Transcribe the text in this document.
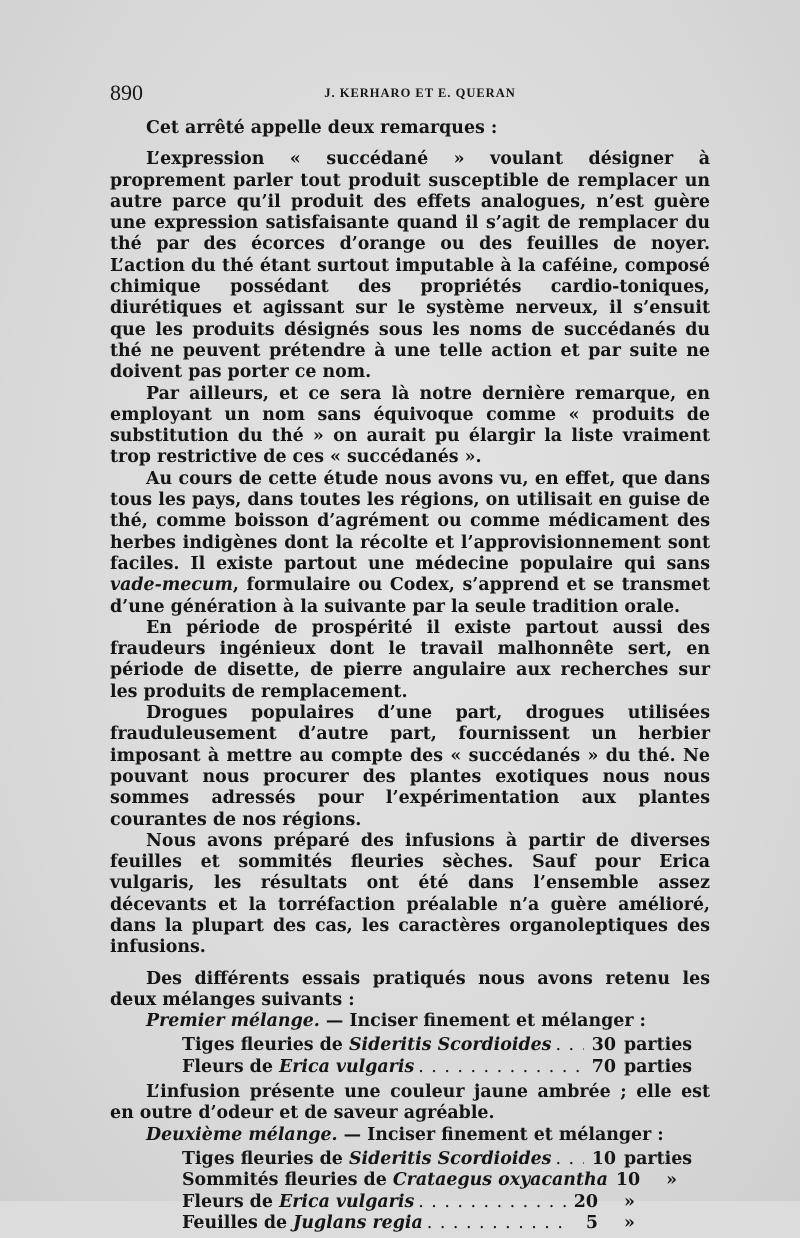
890	J. KERHARO ET E. QUERAN

Cet arrêté appelle deux remarques :

L’expression « succédané » voulant désigner à proprement parler tout produit susceptible de remplacer un autre parce qu’il produit des effets analogues, n’est guère une expression satisfaisante quand il s’agit de remplacer du thé par des écorces d’orange ou des feuilles de noyer. L’action du thé étant surtout imputable à la caféine, composé chimique possédant des propriétés cardio-toniques, diurétiques et agissant sur le système nerveux, il s’ensuit que les produits désignés sous les noms de succédanés du thé ne peuvent prétendre à une telle action et par suite ne doivent pas porter ce nom.

Par ailleurs, et ce sera là notre dernière remarque, en employant un nom sans équivoque comme « produits de substitution du thé » on aurait pu élargir la liste vraiment trop restrictive de ces « succédanés ».

Au cours de cette étude nous avons vu, en effet, que dans tous les pays, dans toutes les régions, on utilisait en guise de thé, comme boisson d’agrément ou comme médicament des herbes indigènes dont la récolte et l’approvisionnement sont faciles. Il existe partout une médecine populaire qui sans vade-mecum, formulaire ou Codex, s’apprend et se transmet d’une génération à la suivante par la seule tradition orale.

En période de prospérité il existe partout aussi des fraudeurs ingénieux dont le travail malhonnête sert, en période de disette, de pierre angulaire aux recherches sur les produits de remplacement.

Drogues populaires d’une part, drogues utilisées frauduleusement d’autre part, fournissent un herbier imposant à mettre au compte des « succédanés » du thé. Ne pouvant nous procurer des plantes exotiques nous nous sommes adressés pour l’expérimentation aux plantes courantes de nos régions.

Nous avons préparé des infusions à partir de diverses feuilles et sommités fleuries sèches. Sauf pour Erica vulgaris, les résultats ont été dans l’ensemble assez décevants et la torréfaction préalable n’a guère amélioré, dans la plupart des cas, les caractères organoleptiques des infusions.

Des différents essais pratiqués nous avons retenu les deux mélanges suivants :

Premier mélange. — Inciser finement et mélanger :

Tiges fleuries de Sideritis Scordioides . . . 30 parties
Fleurs de Erica vulgaris . . .	70 parties

L’infusion présente une couleur jaune ambrée ; elle est en outre d’odeur et de saveur agréable.

Deuxième mélange. — Inciser finement et mélanger :

Tiges fleuries de Sideritis Scordioides . . . 10 parties
Sommités fleuries de Crataegus oxyacantha 10	»
Fleurs de Erica vulgaris . . .	20	»
Feuilles de Juglans regia . . .	5	»
